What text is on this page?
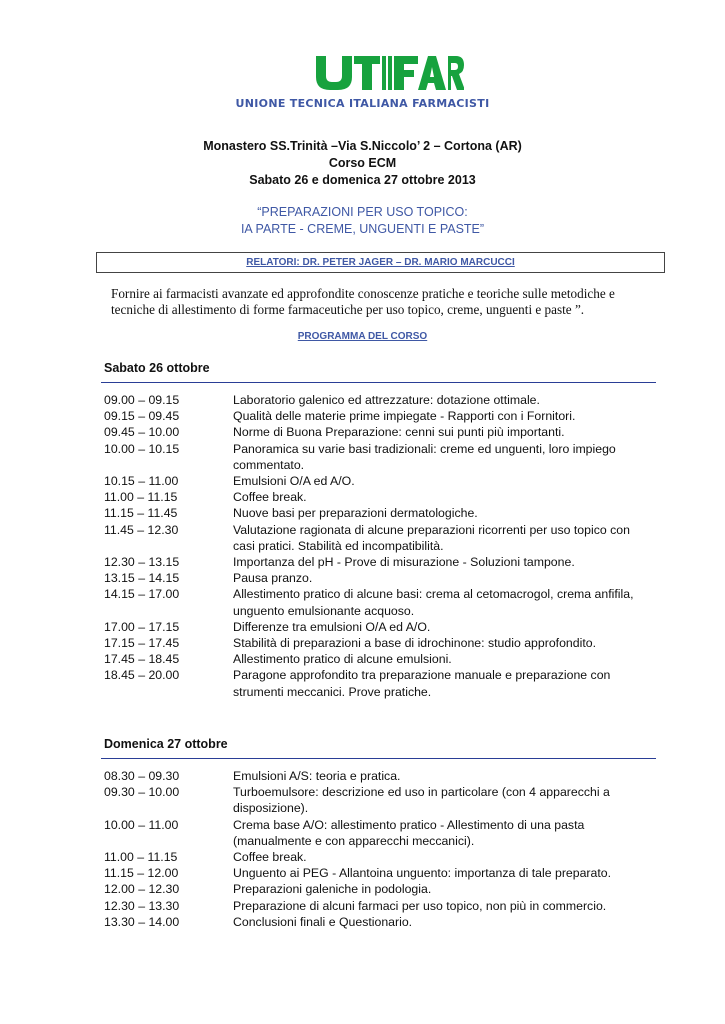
UNIONE TECNICA ITALIANA FARMACISTI
Monastero SS.Trinità –Via S.Niccolo’ 2 – Cortona (AR)
Corso ECM
Sabato 26 e domenica 27 ottobre 2013
“PREPARAZIONI PER USO TOPICO:
IA PARTE - CREME, UNGUENTI E PASTE”
RELATORI: DR. PETER JAGER – DR. MARIO MARCUCCI
Fornire ai farmacisti avanzate ed approfondite conoscenze pratiche e teoriche sulle metodiche e tecniche di allestimento di forme farmaceutiche per uso topico, creme, unguenti e paste ”.
PROGRAMMA DEL CORSO
Sabato 26 ottobre
09.00 – 09.15	Laboratorio galenico ed attrezzature: dotazione ottimale.
09.15 – 09.45	Qualità delle materie prime impiegate - Rapporti con i Fornitori.
09.45 – 10.00	Norme di Buona Preparazione: cenni sui punti più importanti.
10.00 – 10.15	Panoramica su varie basi tradizionali: creme ed unguenti, loro impiego commentato.
10.15 – 11.00	Emulsioni O/A ed A/O.
11.00 – 11.15	Coffee break.
11.15 – 11.45	Nuove basi per preparazioni dermatologiche.
11.45 – 12.30	Valutazione ragionata di alcune preparazioni ricorrenti per uso topico con casi pratici. Stabilità ed incompatibilità.
12.30 – 13.15	Importanza del pH - Prove di misurazione - Soluzioni tampone.
13.15 – 14.15	Pausa pranzo.
14.15 – 17.00	Allestimento pratico di alcune basi: crema al cetomacrogol, crema anfifila, unguento emulsionante acquoso.
17.00 – 17.15	Differenze tra emulsioni O/A ed A/O.
17.15 – 17.45	Stabilità di preparazioni a base di idrochinone: studio approfondito.
17.45 – 18.45	Allestimento pratico di alcune emulsioni.
18.45 – 20.00	Paragone approfondito tra preparazione manuale e preparazione con strumenti meccanici. Prove pratiche.
Domenica 27 ottobre
08.30 – 09.30	Emulsioni A/S: teoria e pratica.
09.30 – 10.00	Turboemulsore: descrizione ed uso in particolare (con 4 apparecchi a disposizione).
10.00 – 11.00	Crema base A/O: allestimento pratico - Allestimento di una pasta (manualmente e con apparecchi meccanici).
11.00 – 11.15	Coffee break.
11.15 – 12.00	Unguento ai PEG - Allantoina unguento: importanza di tale preparato.
12.00 – 12.30	Preparazioni galeniche in podologia.
12.30 – 13.30	Preparazione di alcuni farmaci per uso topico, non più in commercio.
13.30 – 14.00	Conclusioni finali e Questionario.
